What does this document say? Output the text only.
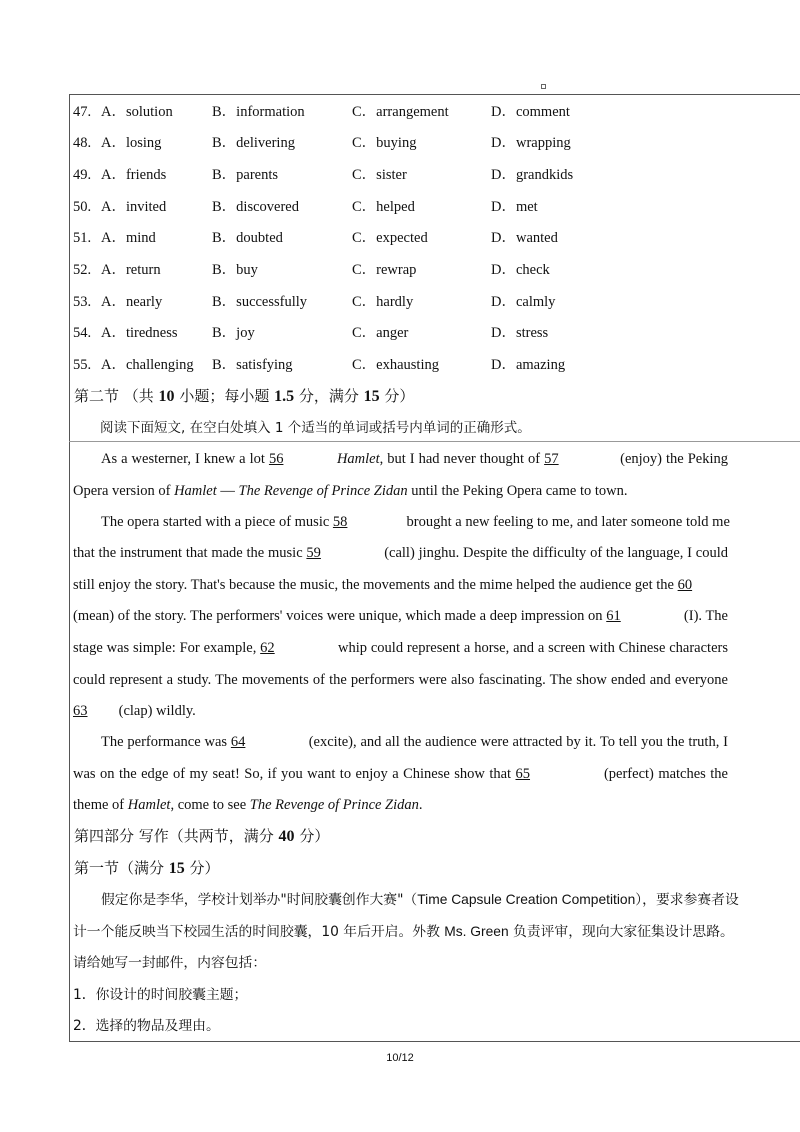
47. A．solution	B．information	C．arrangement	D．comment
48. A．losing	B．delivering	C．buying	D．wrapping
49. A．friends	B．parents	C．sister	D．grandkids
50. A．invited	B．discovered	C．helped	D．met
51. A．mind	B．doubted	C．expected	D．wanted
52. A．return	B．buy	C．rewrap	D．check
53. A．nearly	B．successfully	C．hardly	D．calmly
54. A．tiredness B．joy	C．anger	D．stress
55. A．challenging B．satisfying	C．exhausting	D．amazing
第二节 （共 10 小题；每小题 1.5 分，满分 15 分）
阅读下面短文, 在空白处填入 1 个适当的单词或括号内单词的正确形式。
As a westerner, I knew a lot 56	Hamlet, but I had never thought of 57	(enjoy) the Peking
Opera version of Hamlet — The Revenge of Prince Zidan until the Peking Opera came to town.
The opera started with a piece of music 58	brought a new feeling to me, and later someone told me
that the instrument that made the music 59	(call) jinghu. Despite the difficulty of the language, I could
still enjoy the story. That's because the music, the movements and the mime helped the audience get the 60
(mean) of the story. The performers' voices were unique, which made a deep impression on 61	(I). The
stage was simple: For example, 62	whip could represent a horse, and a screen with Chinese characters
could represent a study. The movements of the performers were also fascinating. The show ended and everyone
63 (clap) wildly.
The performance was 64	(excite), and all the audience were attracted by it. To tell you the truth, I
was on the edge of my seat! So, if you want to enjoy a Chinese show that 65	(perfect) matches the
theme of Hamlet, come to see The Revenge of Prince Zidan.
第四部分 写作（共两节，满分 40 分）
第一节（满分 15 分）
假定你是李华，学校计划举办"时间胶囊创作大赛"（Time Capsule Creation Competition），要求参赛者设
计一个能反映当下校园生活的时间胶囊，10 年后开启。外教 Ms. Green 负责评审，现向大家征集设计思路。
请给她写一封邮件，内容包括：
1．你设计的时间胶囊主题；
2．选择的物品及理由。
10/12
